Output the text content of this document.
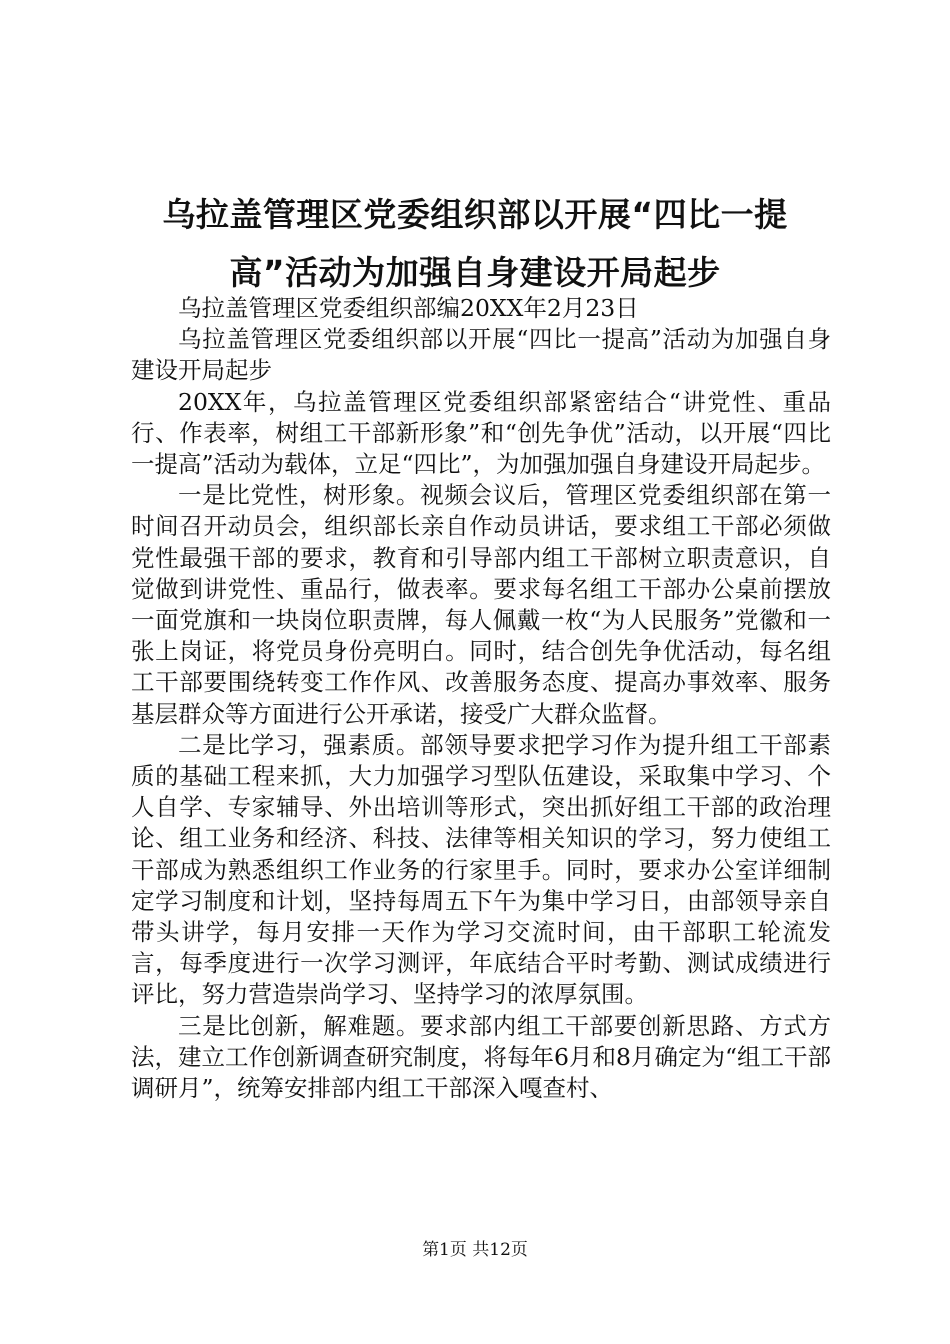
乌拉盖管理区党委组织部以开展“四比一提
高”活动为加强自身建设开局起步

乌拉盖管理区党委组织部编20XX年2月23日

乌拉盖管理区党委组织部以开展“四比一提高”活动为加强自身建设开局起步

20XX年，乌拉盖管理区党委组织部紧密结合“讲党性、重品行、作表率，树组工干部新形象”和“创先争优”活动，以开展“四比一提高”活动为载体，立足“四比”，为加强加强自身建设开局起步。

一是比党性，树形象。视频会议后，管理区党委组织部在第一时间召开动员会，组织部长亲自作动员讲话，要求组工干部必须做党性最强干部的要求，教育和引导部内组工干部树立职责意识，自觉做到讲党性、重品行，做表率。要求每名组工干部办公桌前摆放一面党旗和一块岗位职责牌，每人佩戴一枚“为人民服务”党徽和一张上岗证，将党员身份亮明白。同时，结合创先争优活动，每名组工干部要围绕转变工作作风、改善服务态度、提高办事效率、服务基层群众等方面进行公开承诺，接受广大群众监督。

二是比学习，强素质。部领导要求把学习作为提升组工干部素质的基础工程来抓，大力加强学习型队伍建设，采取集中学习、个人自学、专家辅导、外出培训等形式，突出抓好组工干部的政治理论、组工业务和经济、科技、法律等相关知识的学习，努力使组工干部成为熟悉组织工作业务的行家里手。同时，要求办公室详细制定学习制度和计划，坚持每周五下午为集中学习日，由部领导亲自带头讲学，每月安排一天作为学习交流时间，由干部职工轮流发言，每季度进行一次学习测评，年底结合平时考勤、测试成绩进行评比，努力营造崇尚学习、坚持学习的浓厚氛围。

三是比创新，解难题。要求部内组工干部要创新思路、方式方法，建立工作创新调查研究制度，将每年6月和8月确定为“组工干部调研月”，统筹安排部内组工干部深入嘎查村、

第1页 共12页
